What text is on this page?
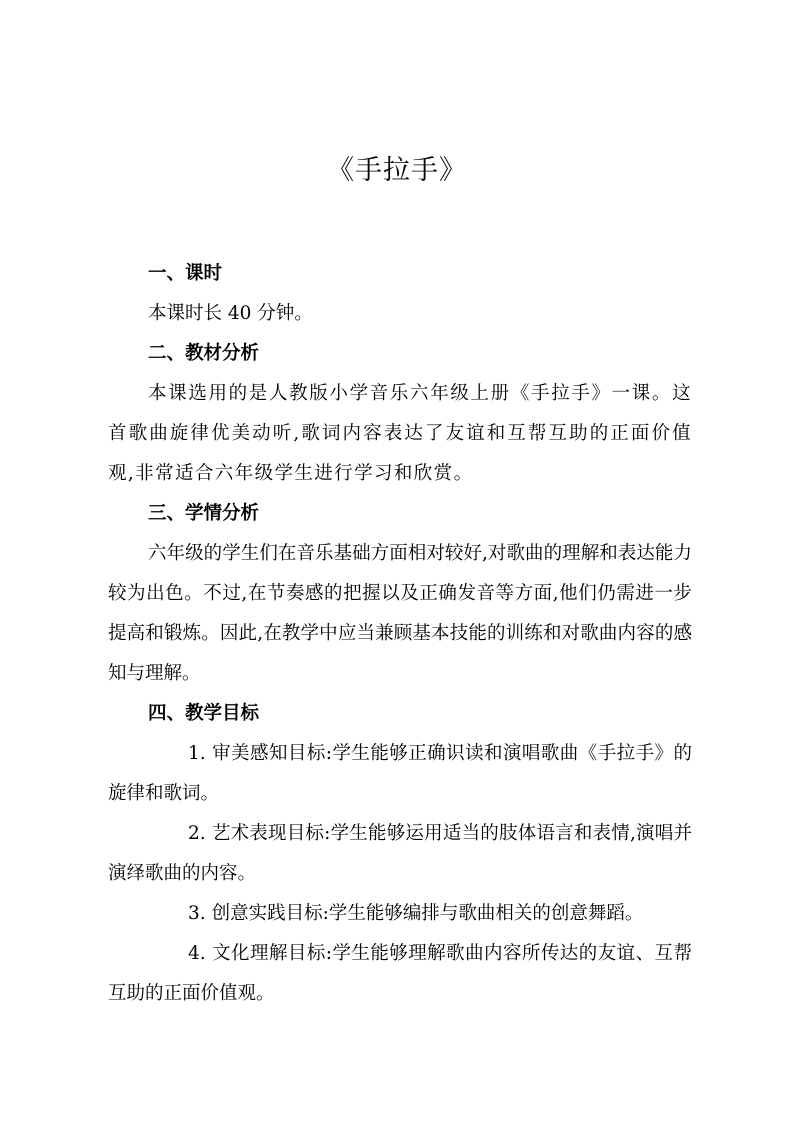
《手拉手》

一、课时

本课时长 40 分钟。

二、教材分析

本课选用的是人教版小学音乐六年级上册《手拉手》一课。这首歌曲旋律优美动听,歌词内容表达了友谊和互帮互助的正面价值观,非常适合六年级学生进行学习和欣赏。

三、学情分析

六年级的学生们在音乐基础方面相对较好,对歌曲的理解和表达能力较为出色。不过,在节奏感的把握以及正确发音等方面,他们仍需进一步提高和锻炼。因此,在教学中应当兼顾基本技能的训练和对歌曲内容的感知与理解。

四、教学目标

1. 审美感知目标:学生能够正确识读和演唱歌曲《手拉手》的旋律和歌词。

2. 艺术表现目标:学生能够运用适当的肢体语言和表情,演唱并演绎歌曲的内容。

3. 创意实践目标:学生能够编排与歌曲相关的创意舞蹈。

4. 文化理解目标:学生能够理解歌曲内容所传达的友谊、互帮互助的正面价值观。
